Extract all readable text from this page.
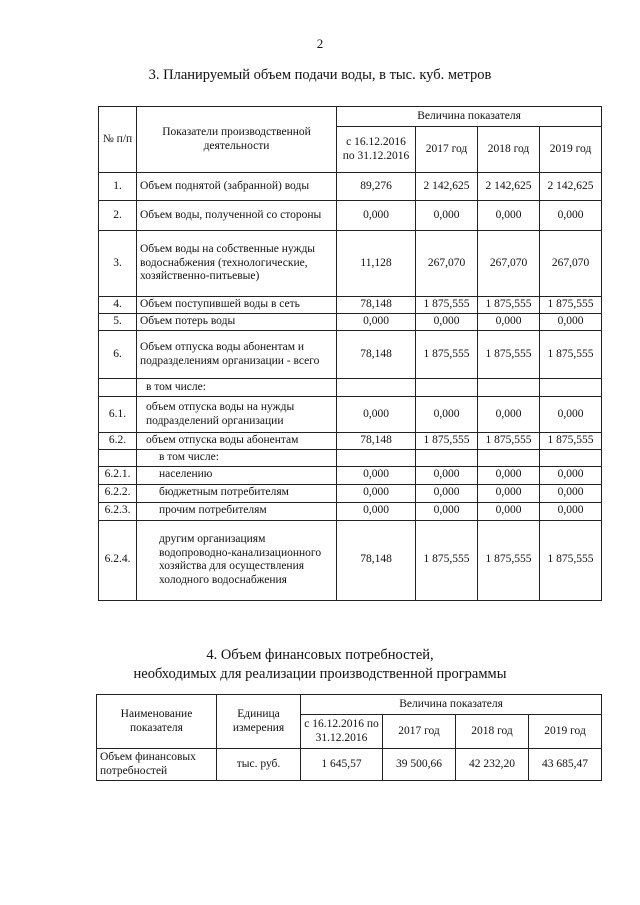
2
3. Планируемый объем подачи воды, в тыс. куб. метров
№ п/п	Показатели производственной деятельности	Величина показателя			
		с 16.12.2016 по 31.12.2016	2017 год	2018 год	2019 год
1.	Объем поднятой (забранной) воды	89,276	2 142,625	2 142,625	2 142,625
2.	Объем воды, полученной со стороны	0,000	0,000	0,000	0,000
3.	Объем воды на собственные нужды водоснабжения (технологические, хозяйственно-питьевые)	11,128	267,070	267,070	267,070
4.	Объем поступившей воды в сеть	78,148	1 875,555	1 875,555	1 875,555
5.	Объем потерь воды	0,000	0,000	0,000	0,000
6.	Объем отпуска воды абонентам и подразделениям организации - всего	78,148	1 875,555	1 875,555	1 875,555
	в том числе:				
6.1.	объем отпуска воды на нужды подразделений организации	0,000	0,000	0,000	0,000
6.2.	объем отпуска воды абонентам	78,148	1 875,555	1 875,555	1 875,555
	в том числе:				
6.2.1.	населению	0,000	0,000	0,000	0,000
6.2.2.	бюджетным потребителям	0,000	0,000	0,000	0,000
6.2.3.	прочим потребителям	0,000	0,000	0,000	0,000
6.2.4.	другим организациям водопроводно-канализационного хозяйства для осуществления холодного водоснабжения	78,148	1 875,555	1 875,555	1 875,555
4. Объем финансовых потребностей,
необходимых для реализации производственной программы
Наименование показателя	Единица измерения	Величина показателя			
		с 16.12.2016 по 31.12.2016	2017 год	2018 год	2019 год
Объем финансовых потребностей	тыс. руб.	1 645,57	39 500,66	42 232,20	43 685,47
